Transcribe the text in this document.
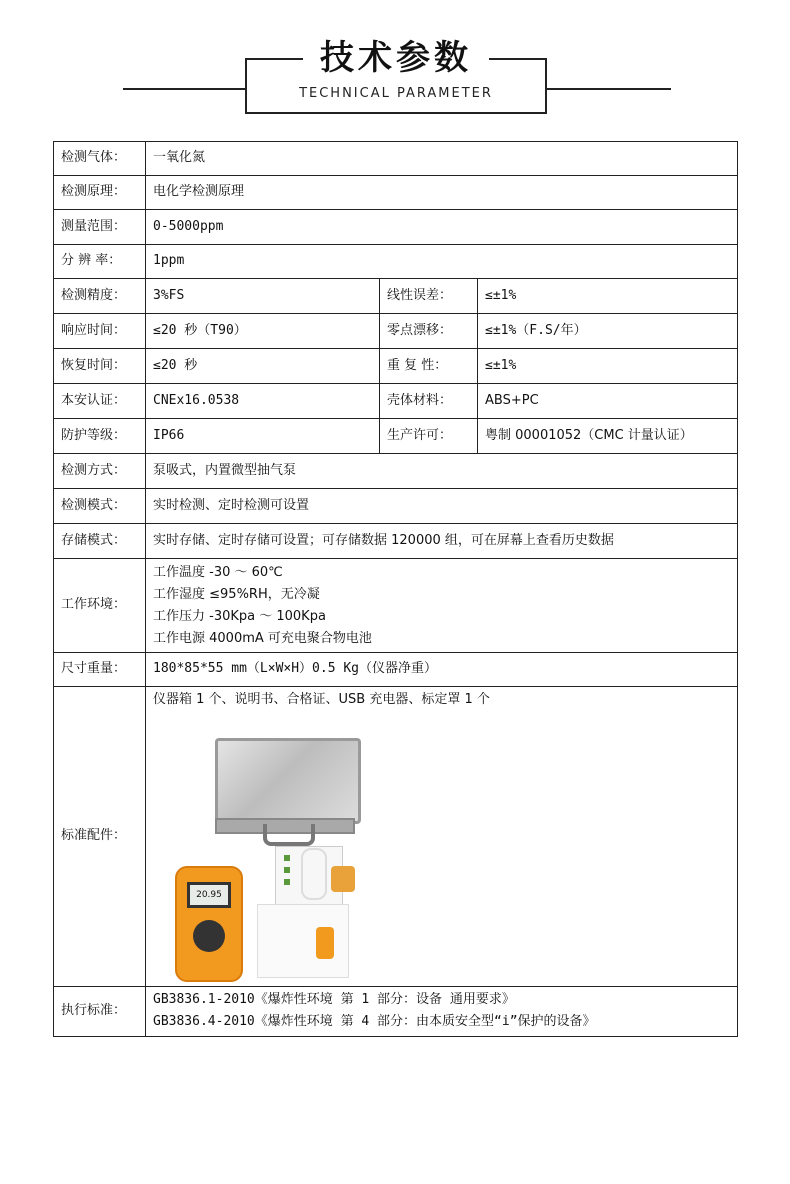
技术参数
TECHNICAL PARAMETER
检测气体：	一氧化氮		
检测原理：	电化学检测原理		
测量范围：	0-5000ppm		
分 辨 率：	1ppm		
检测精度：	3%FS	线性误差：	≤±1%
响应时间：	≤20 秒（T90）	零点漂移：	≤±1%（F.S/年）
恢复时间：	≤20 秒	重 复 性：	≤±1%
本安认证：	CNEx16.0538	壳体材料：	ABS+PC
防护等级：	IP66	生产许可：	粤制 00001052（CMC 计量认证）
检测方式：	泵吸式，内置微型抽气泵		
检测模式：	实时检测、定时检测可设置		
存储模式：	实时存储、定时存储可设置；可存储数据 120000 组，可在屏幕上查看历史数据		
工作环境：	工作温度 -30 ～ 60℃
工作湿度 ≤95%RH，无冷凝
工作压力 -30Kpa ～ 100Kpa
工作电源 4000mA 可充电聚合物电池		

尺寸重量：	180*85*55 mm（L×W×H）0.5 Kg（仪器净重）		
标准配件：	仪器箱 1 个、说明书、合格证、USB 充电器、标定罩 1 个
20.95		

执行标准：	GB3836.1-2010《爆炸性环境 第 1 部分：设备 通用要求》
GB3836.4-2010《爆炸性环境 第 4 部分：由本质安全型“i”保护的设备》		
